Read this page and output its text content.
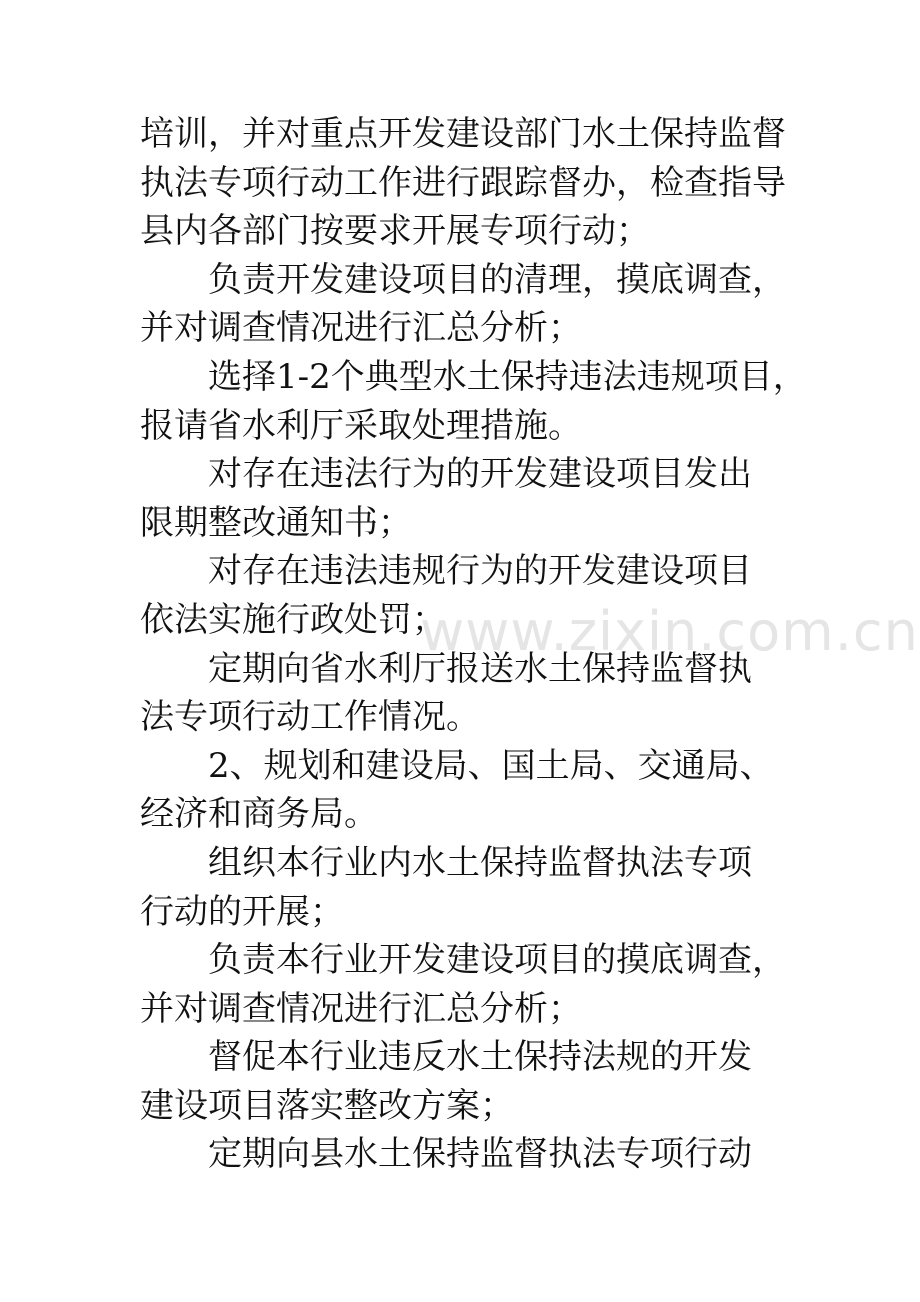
培训，并对重点开发建设部门水土保持监督
执法专项行动工作进行跟踪督办，检查指导
县内各部门按要求开展专项行动；

负责开发建设项目的清理，摸底调查，
并对调查情况进行汇总分析；

选择1-2个典型水土保持违法违规项目，
报请省水利厅采取处理措施。

对存在违法行为的开发建设项目发出
限期整改通知书；

对存在违法违规行为的开发建设项目
依法实施行政处罚；

定期向省水利厅报送水土保持监督执
法专项行动工作情况。

2、规划和建设局、国土局、交通局、
经济和商务局。

组织本行业内水土保持监督执法专项
行动的开展；

负责本行业开发建设项目的摸底调查，
并对调查情况进行汇总分析；

督促本行业违反水土保持法规的开发
建设项目落实整改方案；

定期向县水土保持监督执法专项行动

www.zixin.com.cn
